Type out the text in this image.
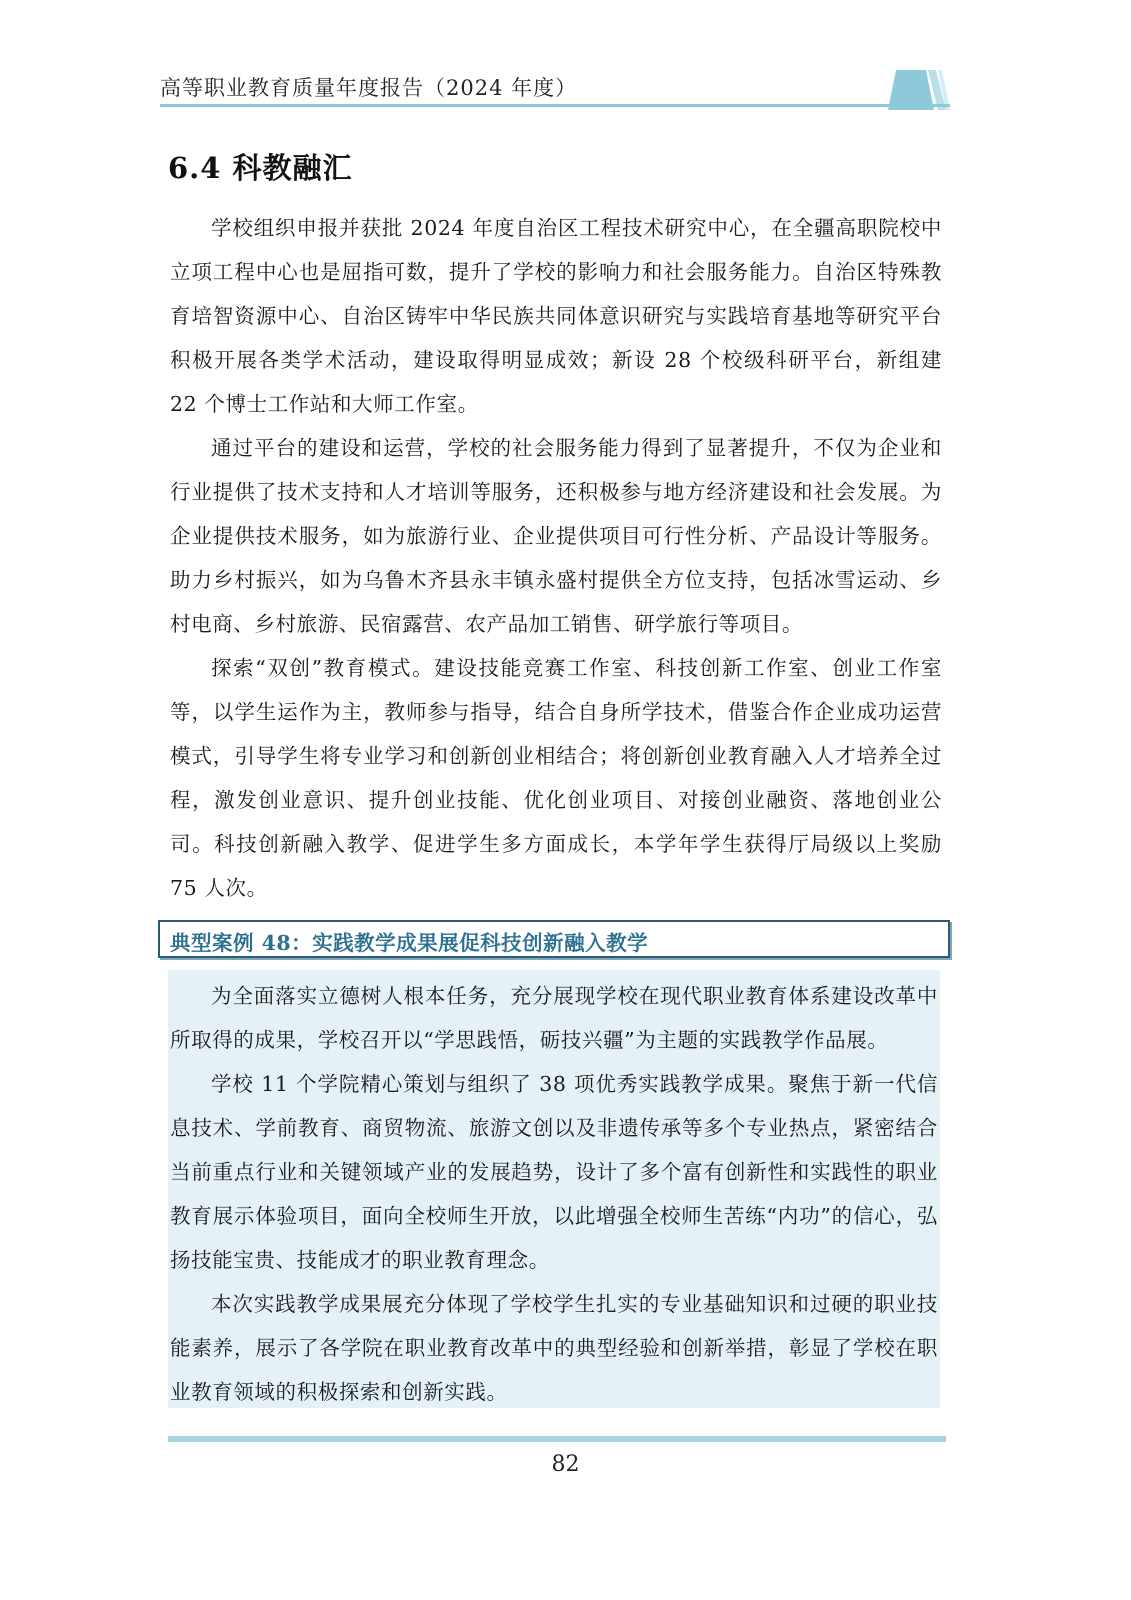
高等职业教育质量年度报告（2024 年度）
6.4 科教融汇

学校组织申报并获批 2024 年度自治区工程技术研究中心，在全疆高职院校中立项工程中心也是屈指可数，提升了学校的影响力和社会服务能力。自治区特殊教育培智资源中心、自治区铸牢中华民族共同体意识研究与实践培育基地等研究平台积极开展各类学术活动，建设取得明显成效；新设 28 个校级科研平台，新组建 22 个博士工作站和大师工作室。

通过平台的建设和运营，学校的社会服务能力得到了显著提升，不仅为企业和行业提供了技术支持和人才培训等服务，还积极参与地方经济建设和社会发展。为企业提供技术服务，如为旅游行业、企业提供项目可行性分析、产品设计等服务。助力乡村振兴，如为乌鲁木齐县永丰镇永盛村提供全方位支持，包括冰雪运动、乡村电商、乡村旅游、民宿露营、农产品加工销售、研学旅行等项目。

探索“双创”教育模式。建设技能竞赛工作室、科技创新工作室、创业工作室等，以学生运作为主，教师参与指导，结合自身所学技术，借鉴合作企业成功运营模式，引导学生将专业学习和创新创业相结合；将创新创业教育融入人才培养全过程，激发创业意识、提升创业技能、优化创业项目、对接创业融资、落地创业公司。科技创新融入教学、促进学生多方面成长，本学年学生获得厅局级以上奖励 75 人次。

典型案例 48：实践教学成果展促科技创新融入教学

为全面落实立德树人根本任务，充分展现学校在现代职业教育体系建设改革中所取得的成果，学校召开以“学思践悟，砺技兴疆”为主题的实践教学作品展。

学校 11 个学院精心策划与组织了 38 项优秀实践教学成果。聚焦于新一代信息技术、学前教育、商贸物流、旅游文创以及非遗传承等多个专业热点，紧密结合当前重点行业和关键领域产业的发展趋势，设计了多个富有创新性和实践性的职业教育展示体验项目，面向全校师生开放，以此增强全校师生苦练“内功”的信心，弘扬技能宝贵、技能成才的职业教育理念。

本次实践教学成果展充分体现了学校学生扎实的专业基础知识和过硬的职业技能素养，展示了各学院在职业教育改革中的典型经验和创新举措，彰显了学校在职业教育领域的积极探索和创新实践。

82
